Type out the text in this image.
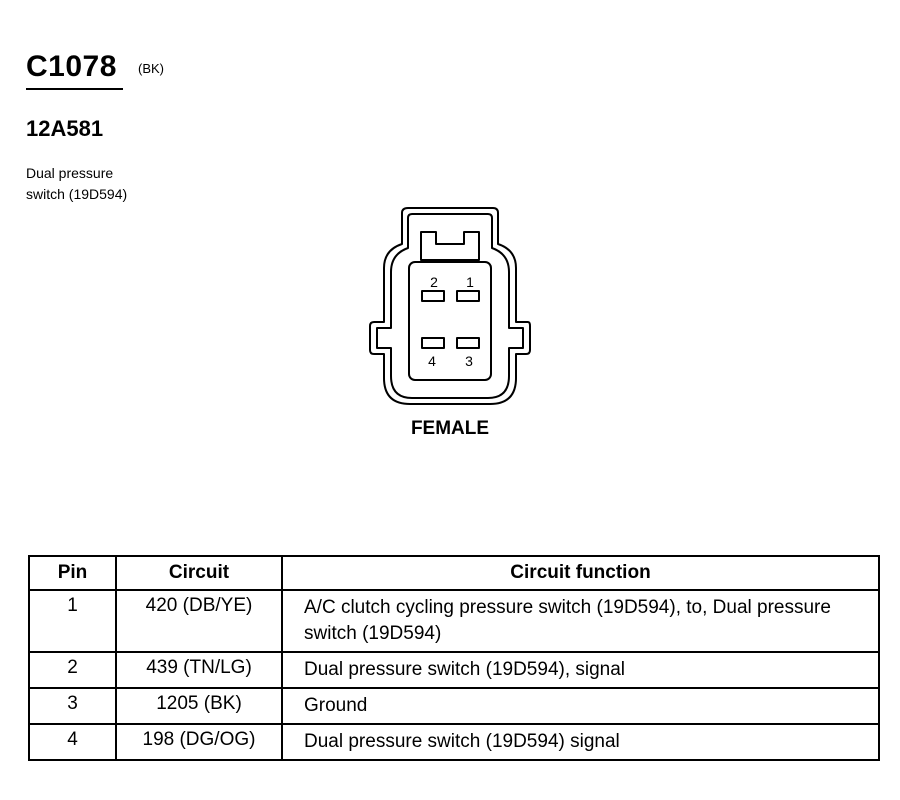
C1078 (BK)
12A581
Dual pressure
switch (19D594)
2 1
4 3
FEMALE
Pin	Circuit	Circuit function
1	420 (DB/YE)	A/C clutch cycling pressure switch (19D594), to, Dual pressure switch (19D594)
2	439 (TN/LG)	Dual pressure switch (19D594), signal
3	1205 (BK)	Ground
4	198 (DG/OG)	Dual pressure switch (19D594) signal
